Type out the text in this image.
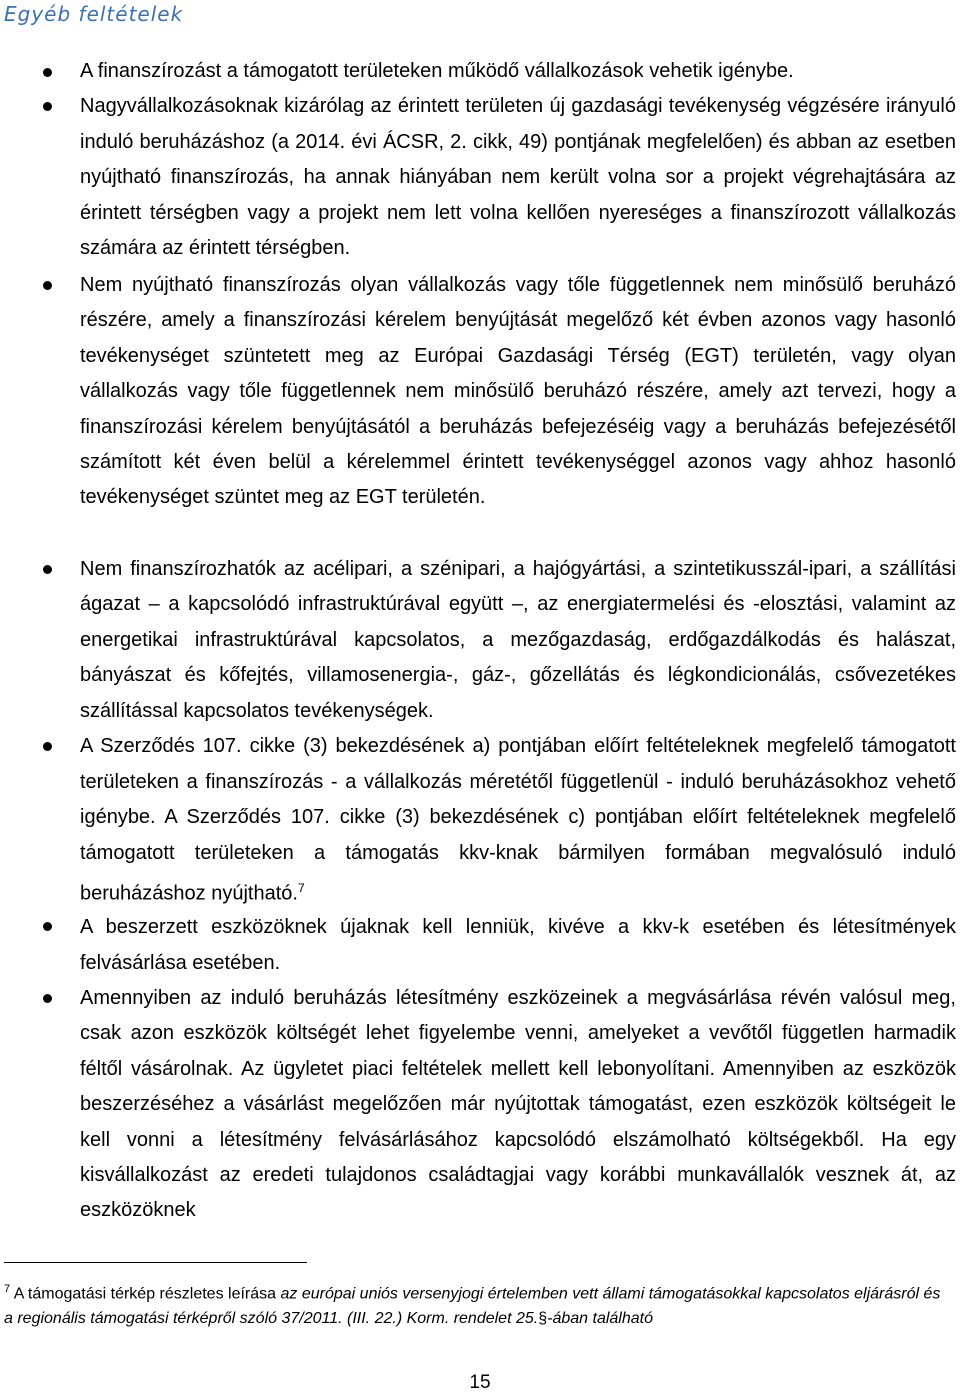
Egyéb feltételek

A finanszírozást a támogatott területeken működő vállalkozások vehetik igénybe.

Nagyvállalkozásoknak kizárólag az érintett területen új gazdasági tevékenység végzésére irányuló induló beruházáshoz (a 2014. évi ÁCSR, 2. cikk, 49) pontjának megfelelően) és abban az esetben nyújtható finanszírozás, ha annak hiányában nem került volna sor a projekt végrehajtására az érintett térségben vagy a projekt nem lett volna kellően nyereséges a finanszírozott vállalkozás számára az érintett térségben.

Nem nyújtható finanszírozás olyan vállalkozás vagy tőle függetlennek nem minősülő beruházó részére, amely a finanszírozási kérelem benyújtását megelőző két évben azonos vagy hasonló tevékenységet szüntetett meg az Európai Gazdasági Térség (EGT) területén, vagy olyan vállalkozás vagy tőle függetlennek nem minősülő beruházó részére, amely azt tervezi, hogy a finanszírozási kérelem benyújtásától a beruházás befejezéséig vagy a beruházás befejezésétől számított két éven belül a kérelemmel érintett tevékenységgel azonos vagy ahhoz hasonló tevékenységet szüntet meg az EGT területén.

Nem finanszírozhatók az acélipari, a szénipari, a hajógyártási, a szintetikusszál-ipari, a szállítási ágazat – a kapcsolódó infrastruktúrával együtt –, az energiatermelési és -elosztási, valamint az energetikai infrastruktúrával kapcsolatos, a mezőgazdaság, erdőgazdálkodás és halászat, bányászat és kőfejtés, villamosenergia-, gáz-, gőzellátás és légkondicionálás, csővezetékes szállítással kapcsolatos tevékenységek.

A Szerződés 107. cikke (3) bekezdésének a) pontjában előírt feltételeknek megfelelő támogatott területeken a finanszírozás - a vállalkozás méretétől függetlenül - induló beruházásokhoz vehető igénybe. A Szerződés 107. cikke (3) bekezdésének c) pontjában előírt feltételeknek megfelelő támogatott területeken a támogatás kkv-knak bármilyen formában megvalósuló induló beruházáshoz nyújtható.$^7$

A beszerzett eszközöknek újaknak kell lenniük, kivéve a kkv-k esetében és létesítmények felvásárlása esetében.

Amennyiben az induló beruházás létesítmény eszközeinek a megvásárlása révén valósul meg, csak azon eszközök költségét lehet figyelembe venni, amelyeket a vevőtől független harmadik féltől vásárolnak. Az ügyletet piaci feltételek mellett kell lebonyolítani. Amennyiben az eszközök beszerzéséhez a vásárlást megelőzően már nyújtottak támogatást, ezen eszközök költségeit le kell vonni a létesítmény felvásárlásához kapcsolódó elszámolható költségekből. Ha egy kisvállalkozást az eredeti tulajdonos családtagjai vagy korábbi munkavállalók vesznek át, az eszközöknek

$^7$ A támogatási térkép részletes leírása az európai uniós versenyjogi értelemben vett állami támogatásokkal kapcsolatos eljárásról és a regionális támogatási térképről szóló 37/2011. (III. 22.) Korm. rendelet 25.§-ában található

15
